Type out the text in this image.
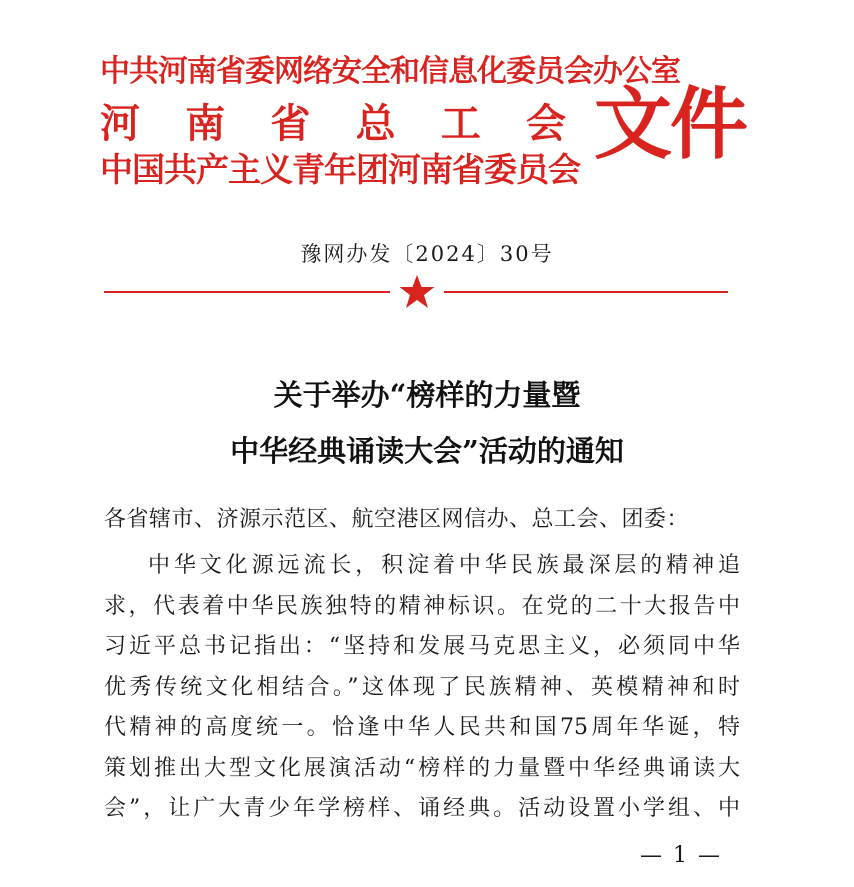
中共河南省委网络安全和信息化委员会办公室
河 南 省 总 工 会
中国共产主义青年团河南省委员会 文件
豫网办发〔2024〕30号
关于举办“榜样的力量暨
中华经典诵读大会”活动的通知
各省辖市、济源示范区、航空港区网信办、总工会、团委：
中华文化源远流长，积淀着中华民族最深层的精神追
求，代表着中华民族独特的精神标识。在党的二十大报告中
习近平总书记指出：“坚持和发展马克思主义，必须同中华
优秀传统文化相结合。”这体现了民族精神、英模精神和时
代精神的高度统一。恰逢中华人民共和国75周年华诞，特
策划推出大型文化展演活动“榜样的力量暨中华经典诵读大
会”，让广大青少年学榜样、诵经典。活动设置小学组、中
— 1 —
